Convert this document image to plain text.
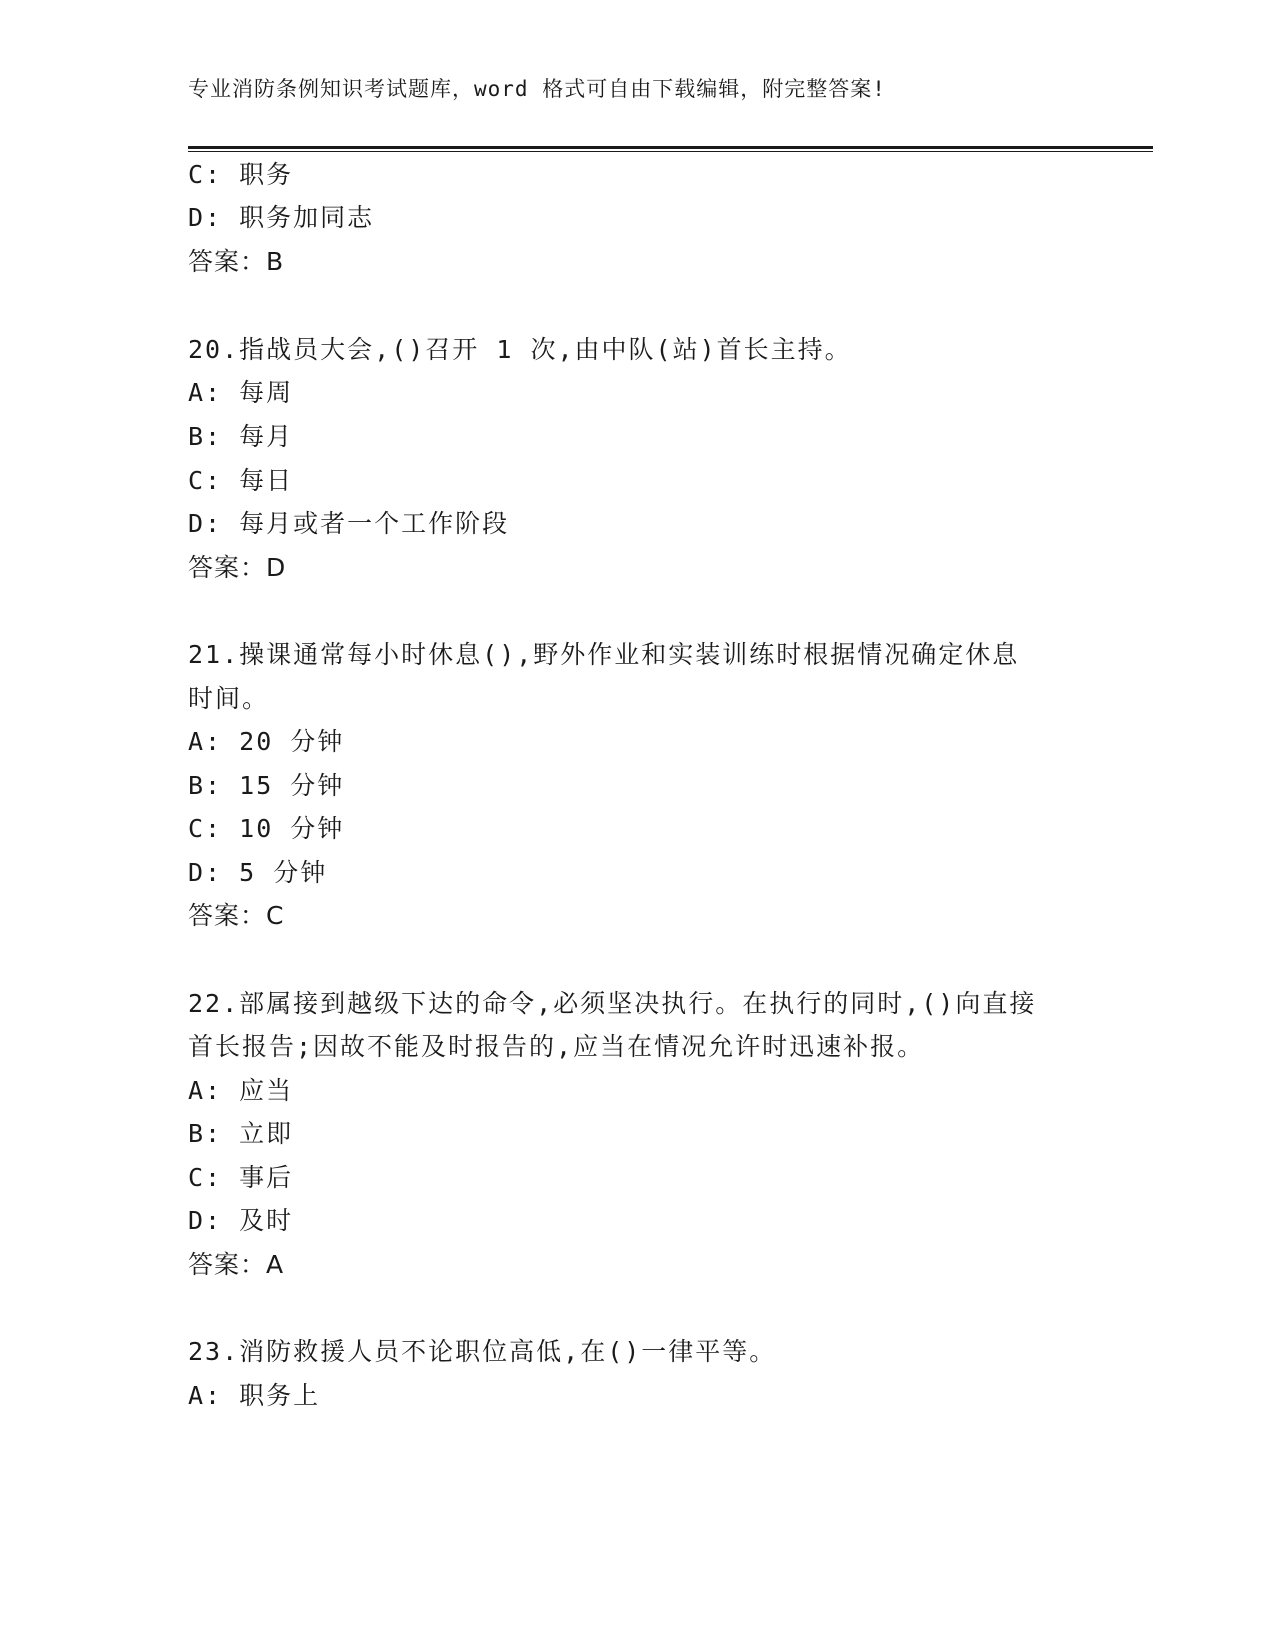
专业消防条例知识考试题库，word 格式可自由下载编辑，附完整答案!
C: 职务
D: 职务加同志
答案：B
20.指战员大会,()召开 1 次,由中队(站)首长主持。
A: 每周
B: 每月
C: 每日
D: 每月或者一个工作阶段
答案：D
21.操课通常每小时休息(),野外作业和实装训练时根据情况确定休息
时间。
A: 20 分钟
B: 15 分钟
C: 10 分钟
D: 5 分钟
答案：C
22.部属接到越级下达的命令,必须坚决执行。在执行的同时,()向直接
首长报告;因故不能及时报告的,应当在情况允许时迅速补报。
A: 应当
B: 立即
C: 事后
D: 及时
答案：A
23.消防救援人员不论职位高低,在()一律平等。
A: 职务上
